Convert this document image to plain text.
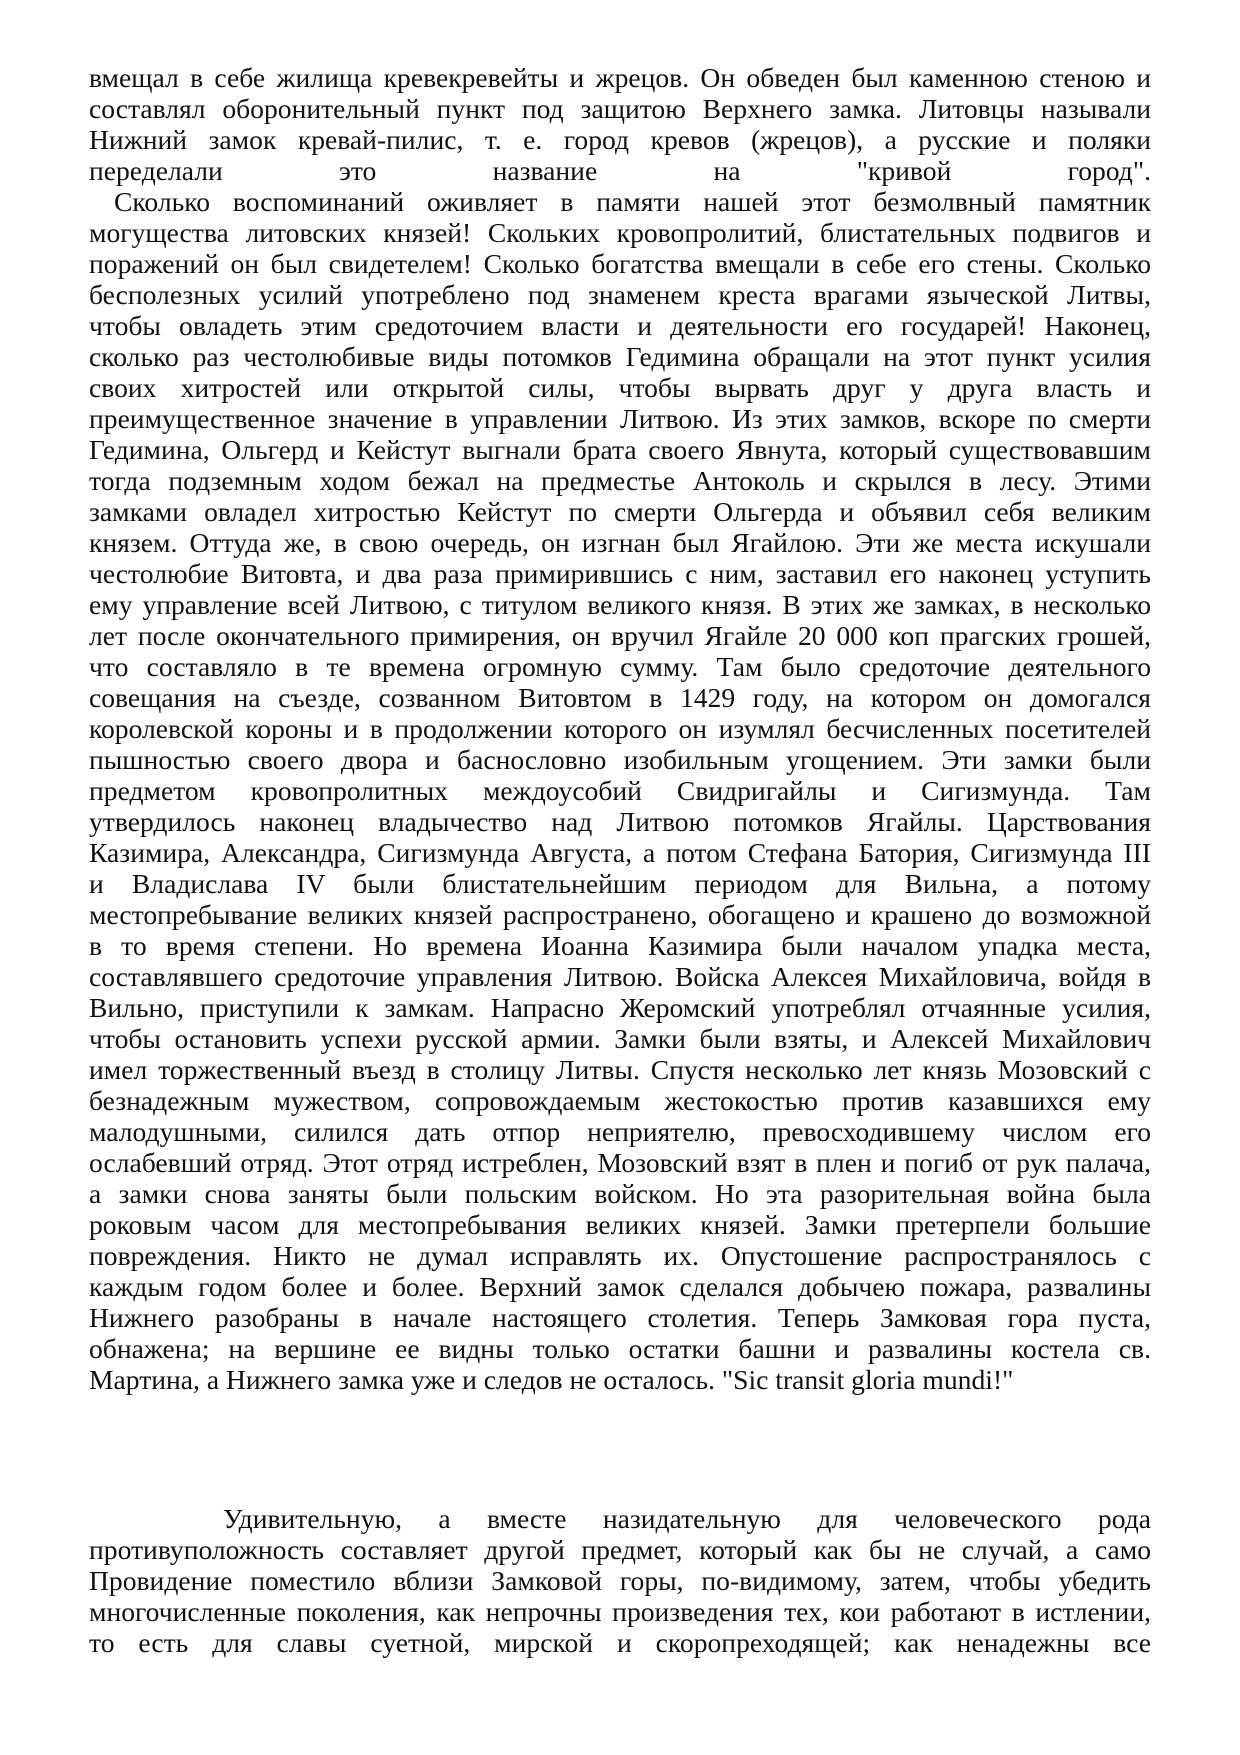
вмещал в себе жилища кревекревейты и жрецов. Он обведен был каменною стеною и
составлял оборонительный пункт под защитою Верхнего замка. Литовцы называли
Нижний замок кревай-пилис, т. е. город кревов (жрецов), а русские и поляки
переделали это название на "кривой город".
Сколько воспоминаний оживляет в памяти нашей этот безмолвный памятник
могущества литовских князей! Скольких кровопролитий, блистательных подвигов и
поражений он был свидетелем! Сколько богатства вмещали в себе его стены. Сколько
бесполезных усилий употреблено под знаменем креста врагами языческой Литвы,
чтобы овладеть этим средоточием власти и деятельности его государей! Наконец,
сколько раз честолюбивые виды потомков Гедимина обращали на этот пункт усилия
своих хитростей или открытой силы, чтобы вырвать друг у друга власть и
преимущественное значение в управлении Литвою. Из этих замков, вскоре по смерти
Гедимина, Ольгерд и Кейстут выгнали брата своего Явнута, который существовавшим
тогда подземным ходом бежал на предместье Антоколь и скрылся в лесу. Этими
замками овладел хитростью Кейстут по смерти Ольгерда и объявил себя великим
князем. Оттуда же, в свою очередь, он изгнан был Ягайлою. Эти же места искушали
честолюбие Витовта, и два раза примирившись с ним, заставил его наконец уступить
ему управление всей Литвою, с титулом великого князя. В этих же замках, в несколько
лет после окончательного примирения, он вручил Ягайле 20 000 коп прагских грошей,
что составляло в те времена огромную сумму. Там было средоточие деятельного
совещания на съезде, созванном Витовтом в 1429 году, на котором он домогался
королевской короны и в продолжении которого он изумлял бесчисленных посетителей
пышностью своего двора и баснословно изобильным угощением. Эти замки были
предметом кровопролитных междоусобий Свидригайлы и Сигизмунда. Там
утвердилось наконец владычество над Литвою потомков Ягайлы. Царствования
Казимира, Александра, Сигизмунда Августа, а потом Стефана Батория, Сигизмунда III
и Владислава IV были блистательнейшим периодом для Вильна, а потому
местопребывание великих князей распространено, обогащено и крашено до возможной
в то время степени. Но времена Иоанна Казимира были началом упадка места,
составлявшего средоточие управления Литвою. Войска Алексея Михайловича, войдя в
Вильно, приступили к замкам. Напрасно Жеромский употреблял отчаянные усилия,
чтобы остановить успехи русской армии. Замки были взяты, и Алексей Михайлович
имел торжественный въезд в столицу Литвы. Спустя несколько лет князь Мозовский с
безнадежным мужеством, сопровождаемым жестокостью против казавшихся ему
малодушными, силился дать отпор неприятелю, превосходившему числом его
ослабевший отряд. Этот отряд истреблен, Мозовский взят в плен и погиб от рук палача,
а замки снова заняты были польским войском. Но эта разорительная война была
роковым часом для местопребывания великих князей. Замки претерпели большие
повреждения. Никто не думал исправлять их. Опустошение распространялось с
каждым годом более и более. Верхний замок сделался добычею пожара, развалины
Нижнего разобраны в начале настоящего столетия. Теперь Замковая гора пуста,
обнажена; на вершине ее видны только остатки башни и развалины костела св.
Мартина, а Нижнего замка уже и следов не осталось. "Sic transit gloria mundi!"
Удивительную, а вместе назидательную для человеческого рода
противуположность составляет другой предмет, который как бы не случай, а само
Провидение поместило вблизи Замковой горы, по-видимому, затем, чтобы убедить
многочисленные поколения, как непрочны произведения тех, кои работают в истлении,
то есть для славы суетной, мирской и скоропреходящей; как ненадежны все
